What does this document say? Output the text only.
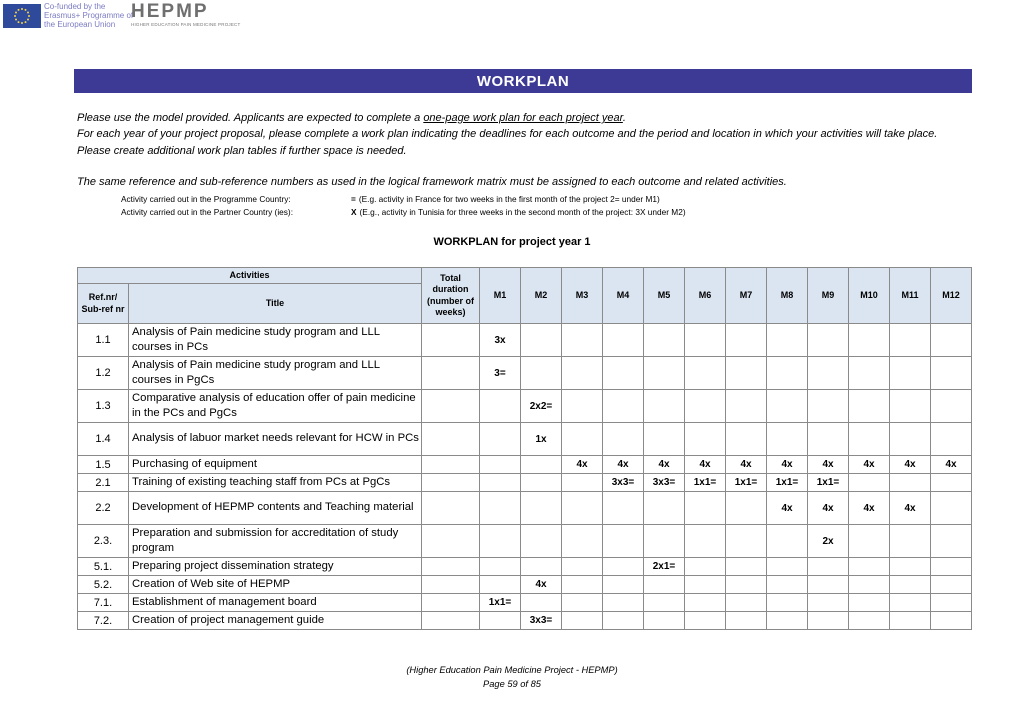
Co-funded by the Erasmus+ Programme of the European Union
HEPMP
HIGHER EDUCATION PAIN MEDICINE PROJECT
WORKPLAN

Please use the model provided. Applicants are expected to complete a one-page work plan for each project year.

For each year of your project proposal, please complete a work plan indicating the deadlines for each outcome and the period and location in which your activities will take place. Please create additional work plan tables if further space is needed.

The same reference and sub-reference numbers as used in the logical framework matrix must be assigned to each outcome and related activities.
Activity carried out in the Programme Country:	= (E.g. activity in France for two weeks in the first month of the project 2= under M1)
Activity carried out in the Partner Country (ies):	X (E.g., activity in Tunisia for three weeks in the second month of the project: 3X under M2)
WORKPLAN for project year 1
Activities		Total duration (number of weeks)	M1	M2	M3	M4	M5	M6	M7	M8	M9	M10	M11	M12
Ref.nr/ Sub-ref nr	Title													
1.1	Analysis of Pain medicine study program and LLL courses in PCs		3x											
1.2	Analysis of Pain medicine study program and LLL courses in PgCs		3=											
1.3	Comparative analysis of education offer of pain medicine in the PCs and PgCs			2x2=										
1.4	Analysis of labuor market needs relevant for HCW in PCs			1x										
1.5	Purchasing of equipment				4x	4x	4x	4x	4x	4x	4x	4x	4x	4x
2.1	Training of existing teaching staff from PCs at PgCs					3x3=	3x3=	1x1=	1x1=	1x1=	1x1=			
2.2	Development of HEPMP contents and Teaching material									4x	4x	4x	4x	
2.3.	Preparation and submission for accreditation of study program										2x			
5.1.	Preparing project dissemination strategy						2x1=							
5.2.	Creation of Web site of HEPMP			4x										
7.1.	Establishment of management board		1x1=											
7.2.	Creation of project management guide			3x3=										
(Higher Education Pain Medicine Project - HEPMP)
Page 59 of 85
